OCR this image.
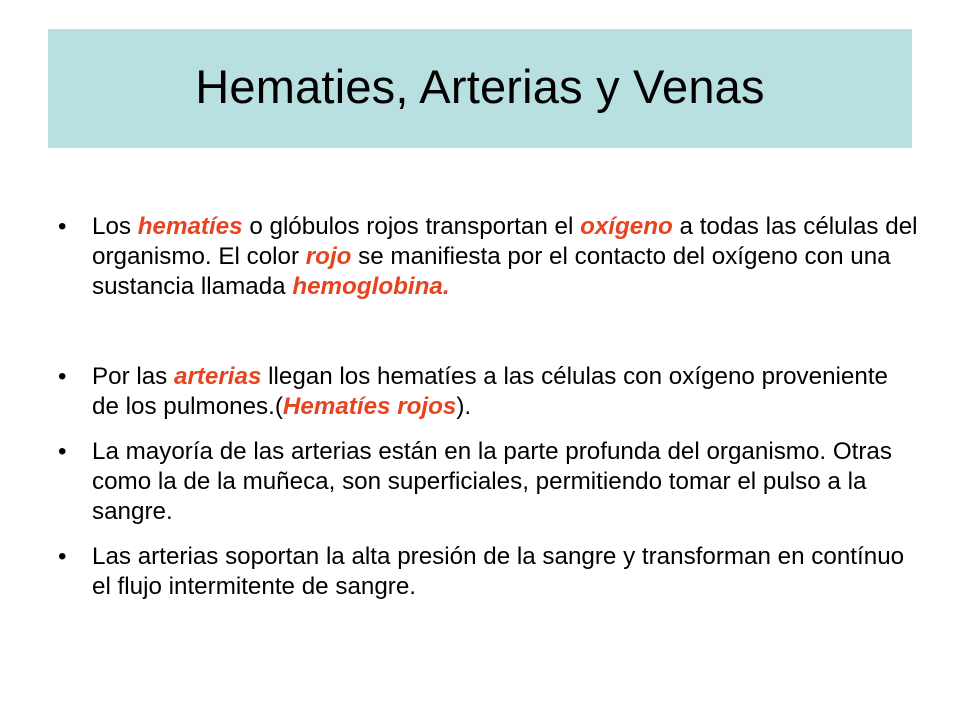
Hematies, Arterias y Venas
• Los hematíes o glóbulos rojos transportan el oxígeno a todas las células del organismo. El color rojo se manifiesta por el contacto del oxígeno con una sustancia llamada hemoglobina.
• Por las arterias llegan los hematíes a las células con oxígeno proveniente de los pulmones.(Hematíes rojos).
• La mayoría de las arterias están en la parte profunda del organismo. Otras como la de la muñeca, son superficiales, permitiendo tomar el pulso a la sangre.
• Las arterias soportan la alta presión de la sangre y transforman en contínuo el flujo intermitente de sangre.
